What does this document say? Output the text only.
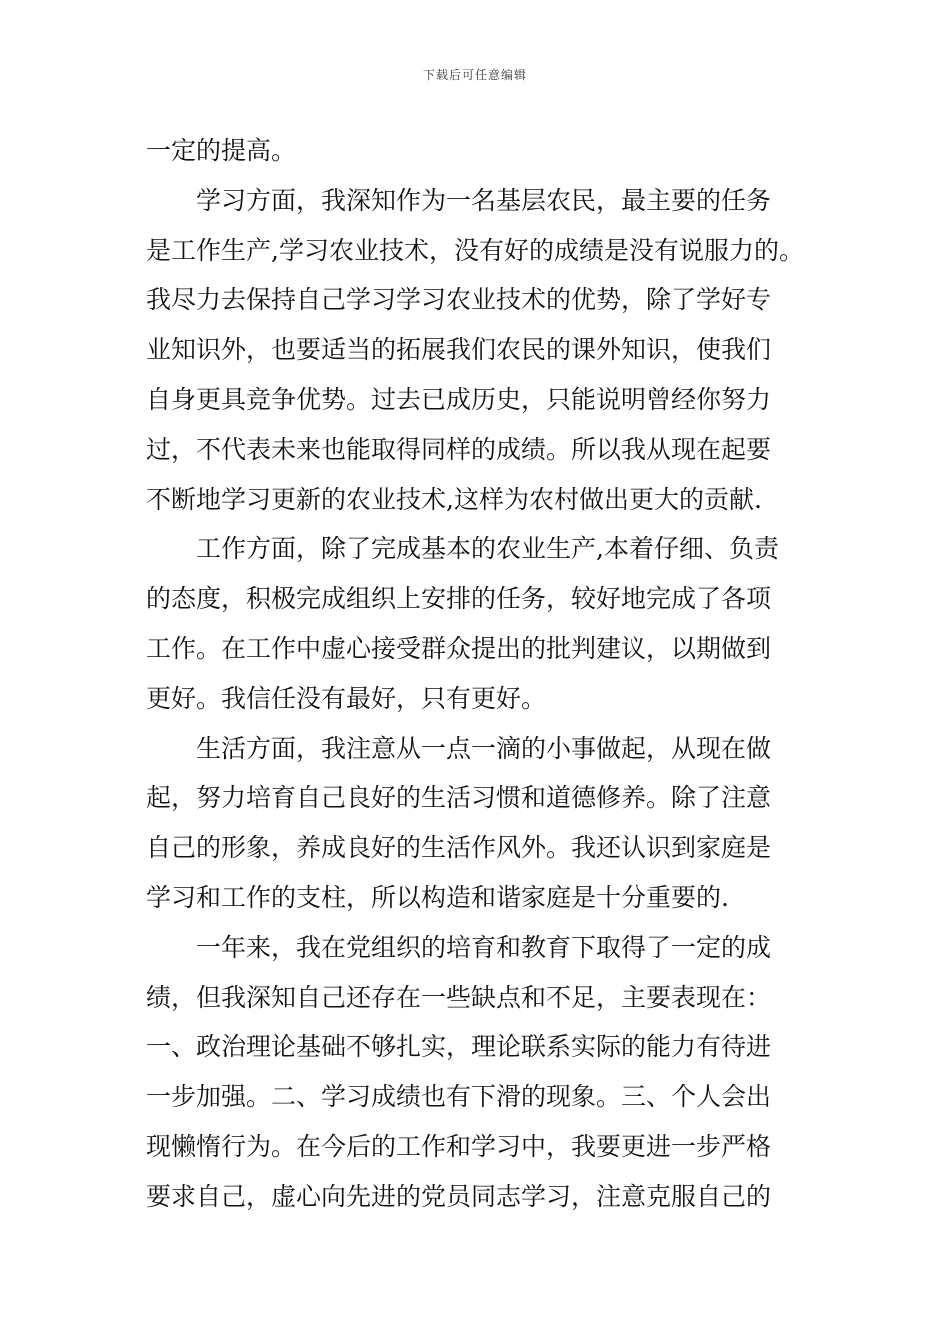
下载后可任意编辑
一定的提高。
学习方面，我深知作为一名基层农民，最主要的任务
是工作生产,学习农业技术，没有好的成绩是没有说服力的。
我尽力去保持自己学习学习农业技术的优势，除了学好专
业知识外，也要适当的拓展我们农民的课外知识，使我们
自身更具竞争优势。过去已成历史，只能说明曾经你努力
过，不代表未来也能取得同样的成绩。所以我从现在起要
不断地学习更新的农业技术,这样为农村做出更大的贡献.
工作方面，除了完成基本的农业生产,本着仔细、负责
的态度，积极完成组织上安排的任务，较好地完成了各项
工作。在工作中虚心接受群众提出的批判建议，以期做到
更好。我信任没有最好，只有更好。
生活方面，我注意从一点一滴的小事做起，从现在做
起，努力培育自己良好的生活习惯和道德修养。除了注意
自己的形象，养成良好的生活作风外。我还认识到家庭是
学习和工作的支柱，所以构造和谐家庭是十分重要的.
一年来，我在党组织的培育和教育下取得了一定的成
绩，但我深知自己还存在一些缺点和不足，主要表现在：
一、政治理论基础不够扎实，理论联系实际的能力有待进
一步加强。二、学习成绩也有下滑的现象。三、个人会出
现懒惰行为。在今后的工作和学习中，我要更进一步严格
要求自己，虚心向先进的党员同志学习，注意克服自己的
